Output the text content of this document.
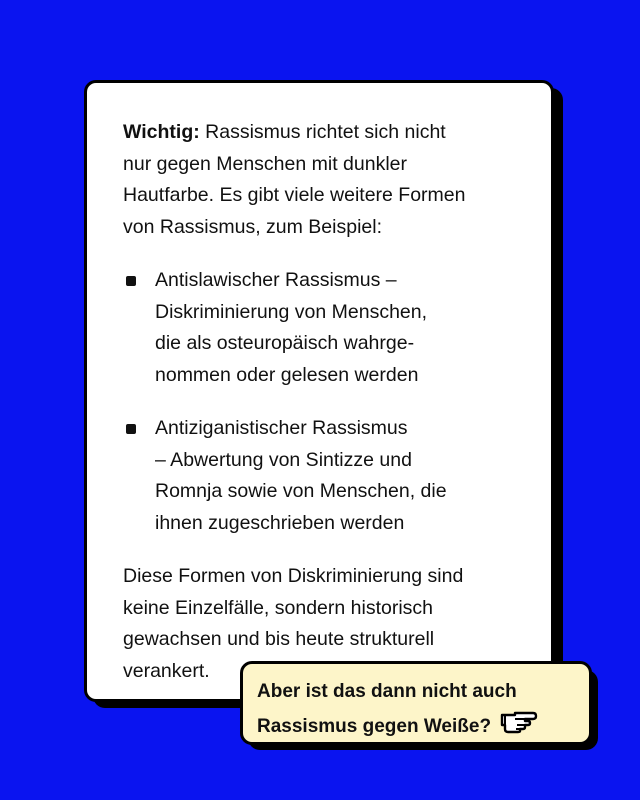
Wichtig: Rassismus richtet sich nicht
nur gegen Menschen mit dunkler
Hautfarbe. Es gibt viele weitere Formen
von Rassismus, zum Beispiel:

Antislawischer Rassismus –
Diskriminierung von Menschen,
die als osteuropäisch wahrge-
nommen oder gelesen werden
Antiziganistischer Rassismus
– Abwertung von Sintizze und
Romnja sowie von Menschen, die
ihnen zugeschrieben werden

Diese Formen von Diskriminierung sind
keine Einzelfälle, sondern historisch
gewachsen und bis heute strukturell
verankert.

Aber ist das dann nicht auch
Rassismus gegen Weiße?
